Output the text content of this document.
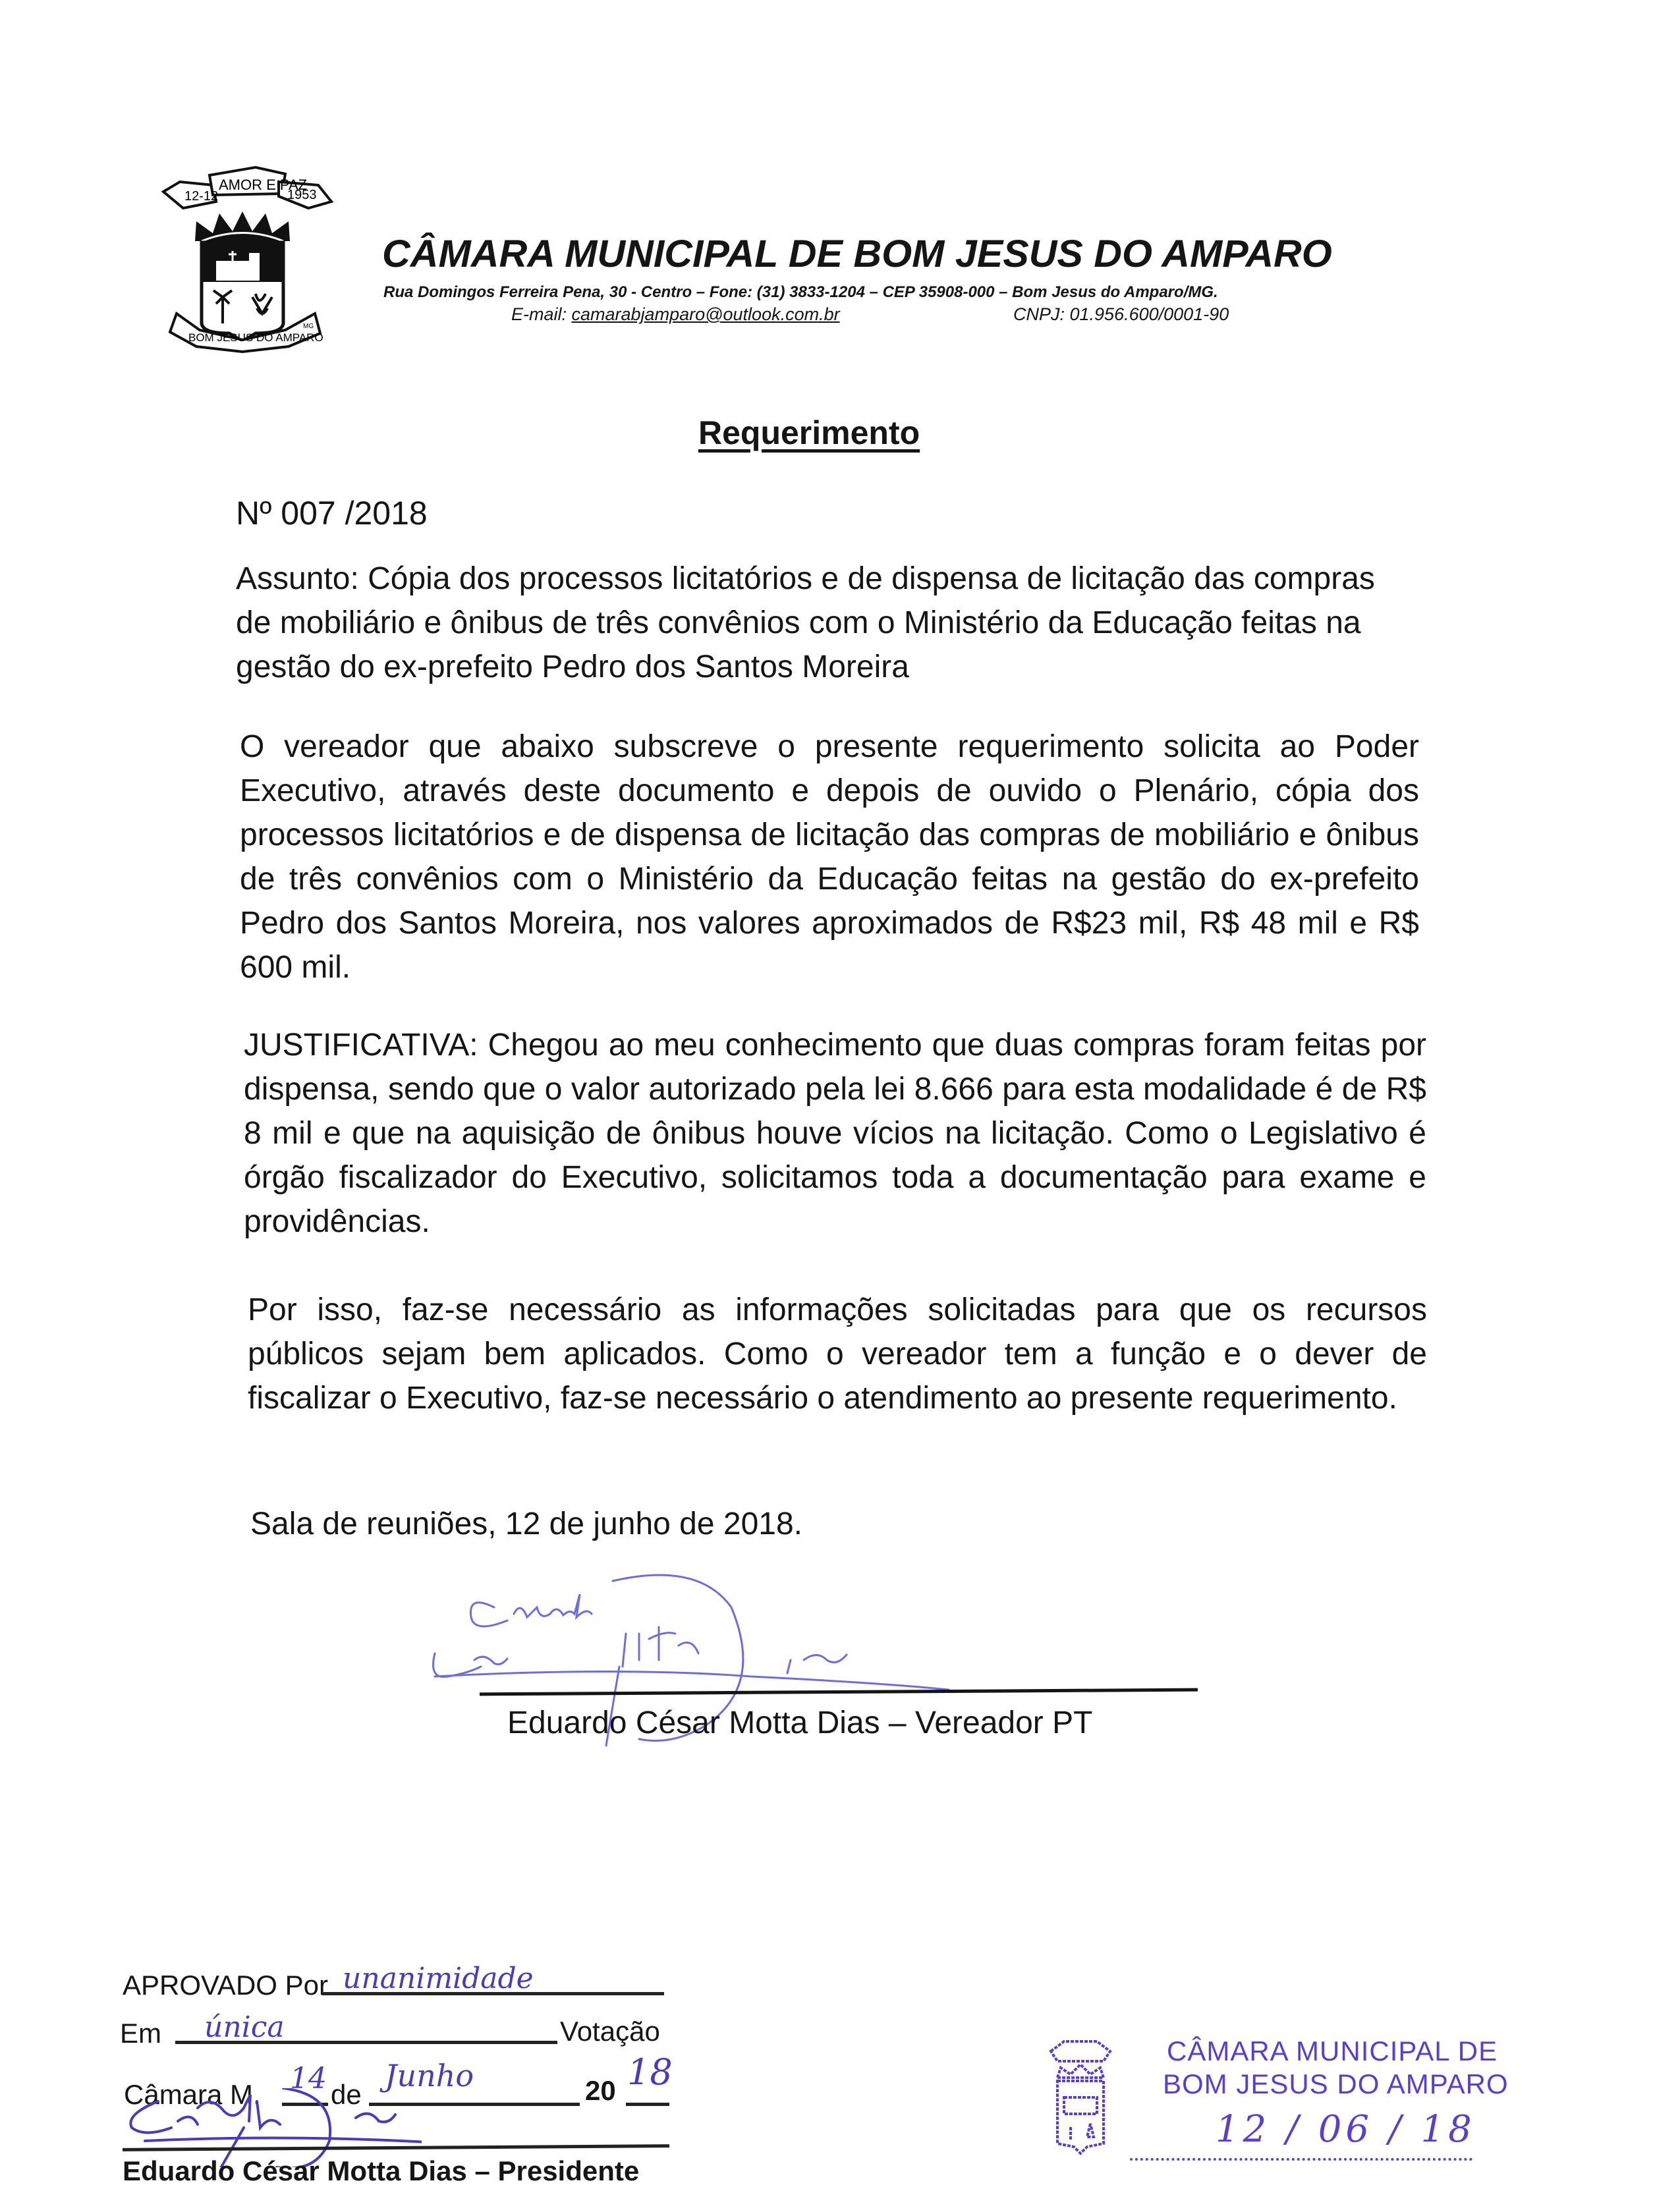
12-12
AMOR E PAZ
1953
BOM JESUS DO AMPARO
MG
CÂMARA MUNICIPAL DE BOM JESUS DO AMPARO
Rua Domingos Ferreira Pena, 30 - Centro – Fone: (31) 3833-1204 – CEP 35908-000 – Bom Jesus do Amparo/MG.
E-mail: camarabjamparo@outlook.com.br	CNPJ: 01.956.600/0001-90
Requerimento
Nº 007 /2018

Assunto: Cópia dos processos licitatórios e de dispensa de licitação das compras de mobiliário e ônibus de três convênios com o Ministério da Educação feitas na gestão do ex-prefeito Pedro dos Santos Moreira

O vereador que abaixo subscreve o presente requerimento solicita ao Poder Executivo, através deste documento e depois de ouvido o Plenário, cópia dos processos licitatórios e de dispensa de licitação das compras de mobiliário e ônibus de três convênios com o Ministério da Educação feitas na gestão do ex-prefeito Pedro dos Santos Moreira, nos valores aproximados de R$23 mil, R$ 48 mil e R$ 600 mil.

JUSTIFICATIVA: Chegou ao meu conhecimento que duas compras foram feitas por dispensa, sendo que o valor autorizado pela lei 8.666 para esta modalidade é de R$ 8 mil e que na aquisição de ônibus houve vícios na licitação. Como o Legislativo é órgão fiscalizador do Executivo, solicitamos toda a documentação para exame e providências.

Por isso, faz-se necessário as informações solicitadas para que os recursos públicos sejam bem aplicados. Como o vereador tem a função e o dever de fiscalizar o Executivo, faz-se necessário o atendimento ao presente requerimento.

Sala de reuniões, 12 de junho de 2018.
Eduardo César Motta Dias – Vereador PT
APROVADO Por unanimidade
Em única	Votação
Câmara M. 14 de
Junho	20 18
Eduardo César Motta Dias – Presidente
CÂMARA MUNICIPAL DE
BOM JESUS DO AMPARO
12 / 06 / 18
